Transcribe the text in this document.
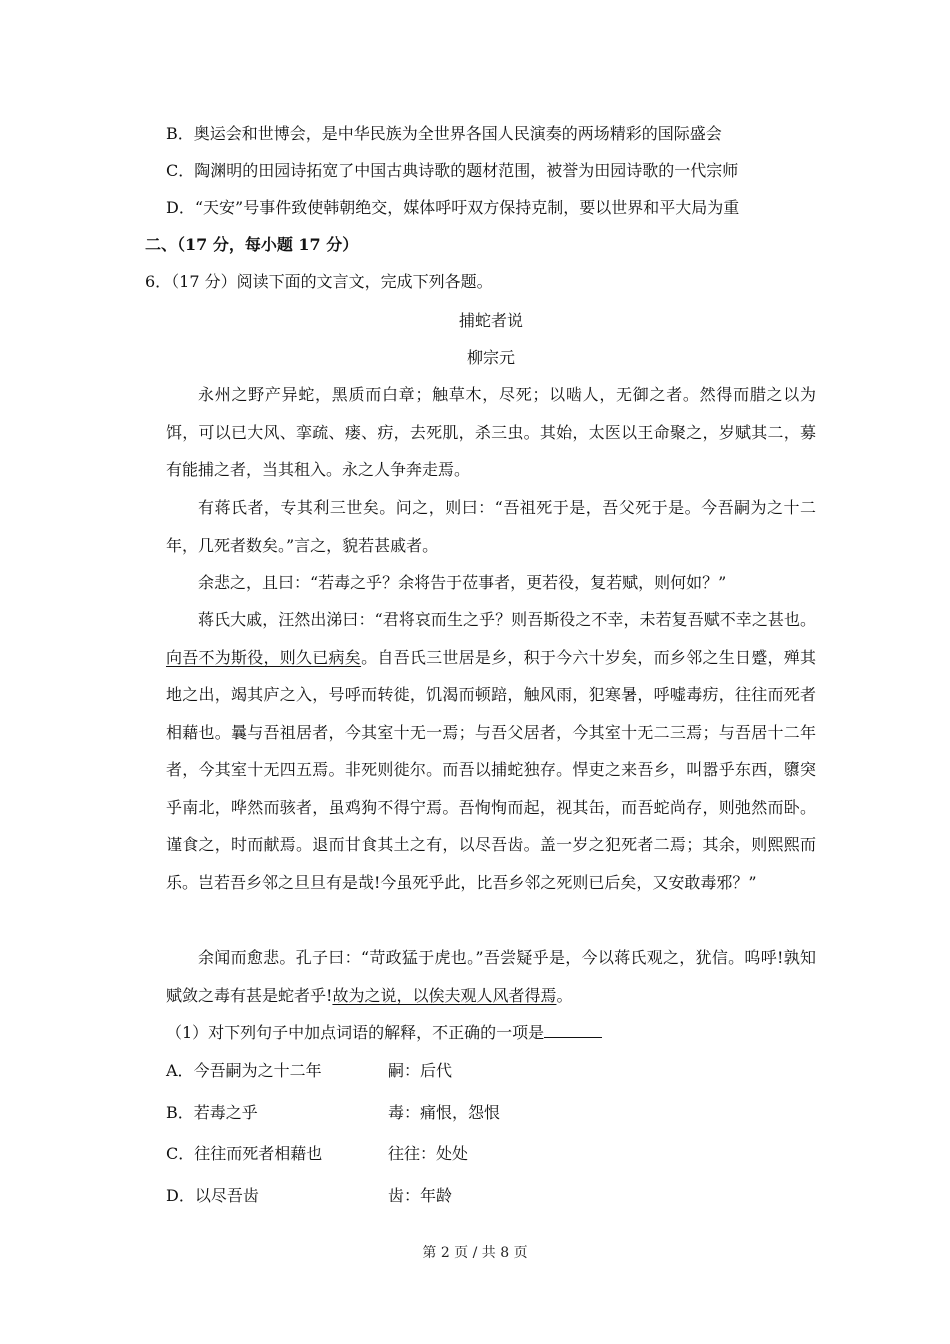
B．奥运会和世博会，是中华民族为全世界各国人民演奏的两场精彩的国际盛会
C．陶渊明的田园诗拓宽了中国古典诗歌的题材范围，被誉为田园诗歌的一代宗师
D．“天安”号事件致使韩朝绝交，媒体呼吁双方保持克制，要以世界和平大局为重
二、（17 分，每小题 17 分）
6．（17 分）阅读下面的文言文，完成下列各题。
捕蛇者说
柳宗元
永州之野产异蛇，黑质而白章；触草木，尽死；以啮人，无御之者。然得而腊之以为饵，可以已大风、挛疏、瘘、疠，去死肌，杀三虫。其始，太医以王命聚之，岁赋其二，募有能捕之者，当其租入。永之人争奔走焉。
有蒋氏者，专其利三世矣。问之，则曰：“吾祖死于是，吾父死于是。今吾嗣为之十二年，几死者数矣。”言之，貌若甚戚者。
余悲之，且曰：“若毒之乎？余将告于莅事者，更若役，复若赋，则何如？”
蒋氏大戚，汪然出涕曰：“君将哀而生之乎？则吾斯役之不幸，未若复吾赋不幸之甚也。向吾不为斯役，则久已病矣。自吾氏三世居是乡，积于今六十岁矣，而乡邻之生日蹙，殚其地之出，竭其庐之入，号呼而转徙，饥渴而顿踣，触风雨，犯寒暑，呼嘘毒疠，往往而死者相藉也。曩与吾祖居者，今其室十无一焉；与吾父居者，今其室十无二三焉；与吾居十二年者，今其室十无四五焉。非死则徙尔。而吾以捕蛇独存。悍吏之来吾乡，叫嚣乎东西，隳突乎南北，哗然而骇者，虽鸡狗不得宁焉。吾恂恂而起，视其缶，而吾蛇尚存，则弛然而卧。谨食之，时而献焉。退而甘食其土之有，以尽吾齿。盖一岁之犯死者二焉；其余，则熙熙而乐。岂若吾乡邻之旦旦有是哉!今虽死乎此，比吾乡邻之死则已后矣，又安敢毒邪？”
余闻而愈悲。孔子曰：“苛政猛于虎也。”吾尝疑乎是，今以蒋氏观之，犹信。呜呼!孰知赋敛之毒有甚是蛇者乎!故为之说，以俟夫观人风者得焉。
（1）对下列句子中加点词语的解释，不正确的一项是
A．今吾嗣为之十二年	嗣：后代
B．若毒之乎	毒：痛恨，怨恨
C．往往而死者相藉也	往往：处处
D．以尽吾齿	齿：年龄
第 2 页 / 共 8 页
